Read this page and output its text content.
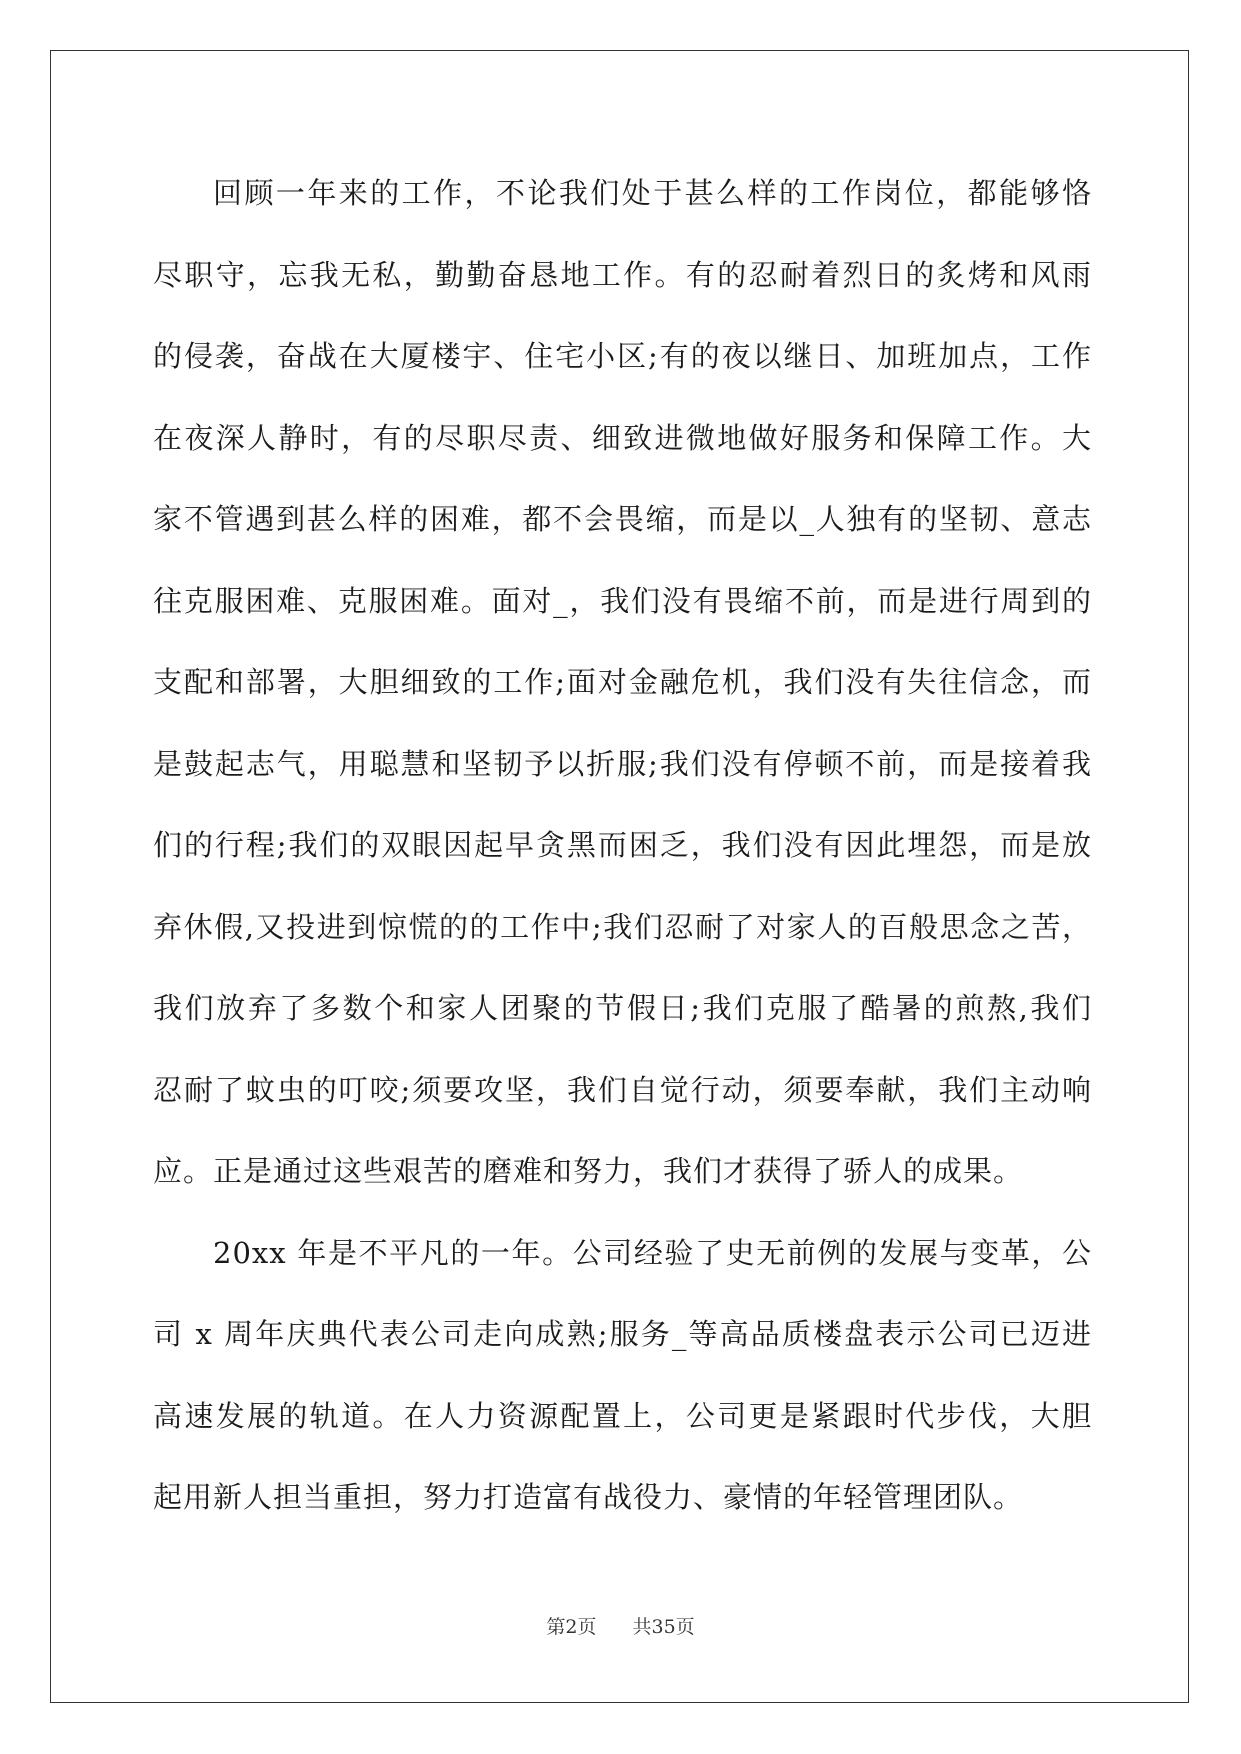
回顾一年来的工作，不论我们处于甚么样的工作岗位，都能够恪
尽职守，忘我无私，勤勤奋恳地工作。有的忍耐着烈日的炙烤和风雨
的侵袭，奋战在大厦楼宇、住宅小区;有的夜以继日、加班加点，工作
在夜深人静时，有的尽职尽责、细致进微地做好服务和保障工作。大
家不管遇到甚么样的困难，都不会畏缩，而是以_人独有的坚韧、意志
往克服困难、克服困难。面对_，我们没有畏缩不前，而是进行周到的
支配和部署，大胆细致的工作;面对金融危机，我们没有失往信念，而
是鼓起志气，用聪慧和坚韧予以折服;我们没有停顿不前，而是接着我
们的行程;我们的双眼因起早贪黑而困乏，我们没有因此埋怨，而是放
弃休假,又投进到惊慌的的工作中;我们忍耐了对家人的百般思念之苦，
我们放弃了多数个和家人团聚的节假日;我们克服了酷暑的煎熬,我们
忍耐了蚊虫的叮咬;须要攻坚，我们自觉行动，须要奉献，我们主动响
应。正是通过这些艰苦的磨难和努力，我们才获得了骄人的成果。
20xx 年是不平凡的一年。公司经验了史无前例的发展与变革，公
司 x 周年庆典代表公司走向成熟;服务_等高品质楼盘表示公司已迈进
高速发展的轨道。在人力资源配置上，公司更是紧跟时代步伐，大胆
起用新人担当重担，努力打造富有战役力、豪情的年轻管理团队。
第2页 共35页
